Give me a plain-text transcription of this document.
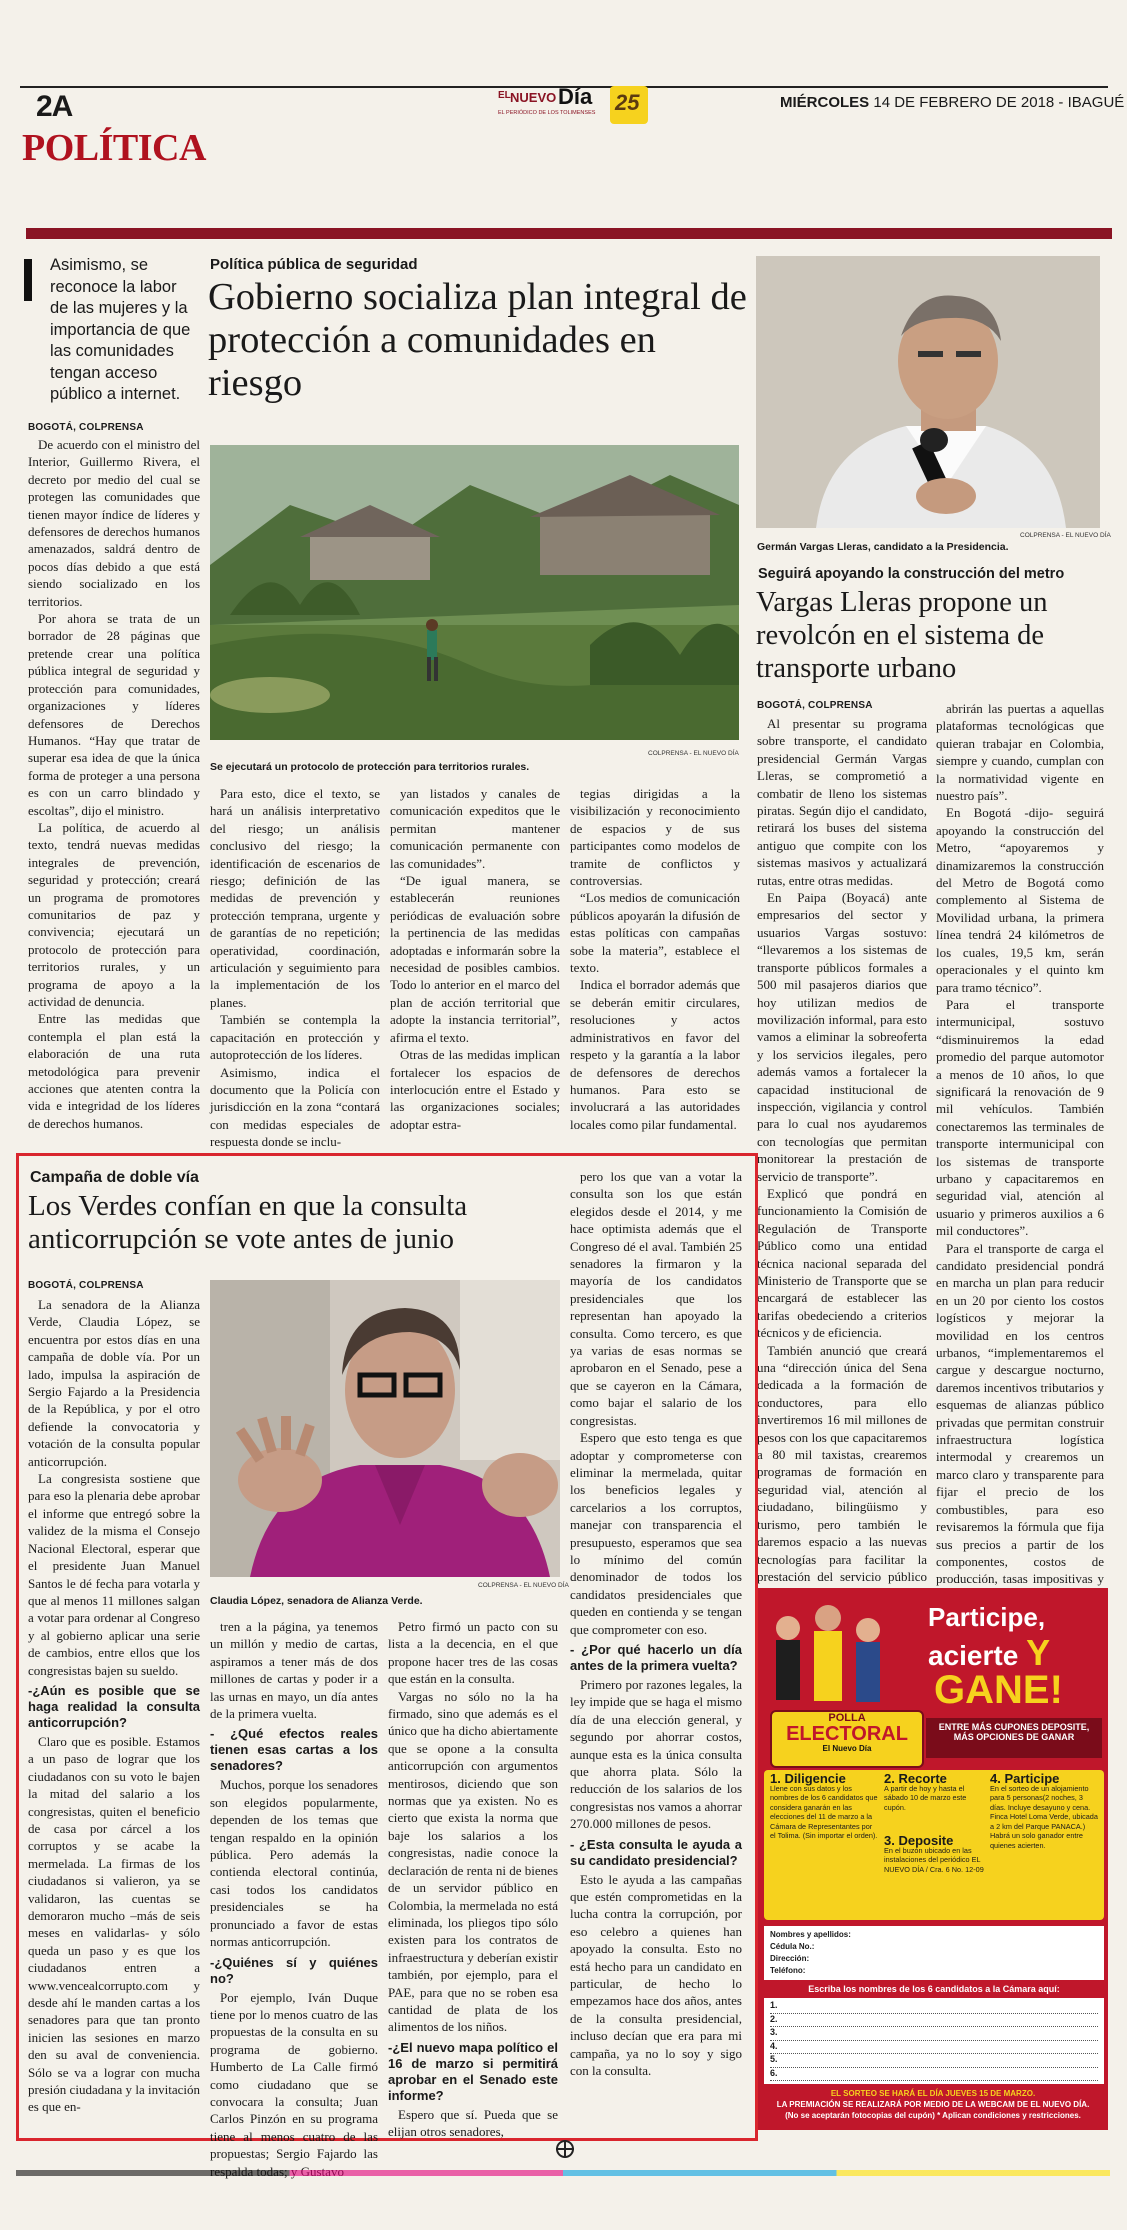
2A	EL NUEVO Día
EL PERIÓDICO DE LOS TOLIMENSES 25	MIÉRCOLES 14 DE FEBRERO DE 2018 - IBAGUÉ
POLÍTICA
Asimismo, se reconoce la labor de las mujeres y la importancia de que las comunidades tengan acceso público a internet.
Política pública de seguridad
Gobierno socializa plan integral de protección a comunidades en riesgo
COLPRENSA - EL NUEVO DÍA
Se ejecutará un protocolo de protección para territorios rurales.
BOGOTÁ, COLPRENSA

De acuerdo con el ministro del Interior, Guillermo Rivera, el decreto por medio del cual se protegen las comunidades que tienen mayor índice de líderes y defensores de derechos humanos amenazados, saldrá dentro de pocos días debido a que está siendo socializado en los territorios.

Por ahora se trata de un borrador de 28 páginas que pretende crear una política pública integral de seguridad y protección para comunidades, organizaciones y líderes defensores de Derechos Humanos. “Hay que tratar de superar esa idea de que la única forma de proteger a una persona es con un carro blindado y escoltas”, dijo el ministro.

La política, de acuerdo al texto, tendrá nuevas medidas integrales de prevención, seguridad y protección; creará un programa de promotores comunitarios de paz y convivencia; ejecutará un protocolo de protección para territorios rurales, y un programa de apoyo a la actividad de denuncia.

Entre las medidas que contempla el plan está la elaboración de una ruta metodológica para prevenir acciones que atenten contra la vida e integridad de los líderes de derechos humanos.

Para esto, dice el texto, se hará un análisis interpretativo del riesgo; un análisis conclusivo del riesgo; la identificación de escenarios de riesgo; definición de las medidas de prevención y protección temprana, urgente y de garantías de no repetición; operatividad, coordinación, articulación y seguimiento para la implementación de los planes.

También se contempla la capacitación en protección y autoprotección de los líderes.

Asimismo, indica el documento que la Policía con jurisdicción en la zona “contará con medidas especiales de respuesta donde se inclu-

yan listados y canales de comunicación expeditos que le permitan mantener comunicación permanente con las comunidades”.

“De igual manera, se establecerán reuniones periódicas de evaluación sobre la pertinencia de las medidas adoptadas e informarán sobre la necesidad de posibles cambios. Todo lo anterior en el marco del plan de acción territorial que adopte la instancia territorial”, afirma el texto.

Otras de las medidas implican fortalecer los espacios de interlocución entre el Estado y las organizaciones sociales; adoptar estra-

tegias dirigidas a la visibilización y reconocimiento de espacios y de sus participantes como modelos de tramite de conflictos y controversias.

“Los medios de comunicación públicos apoyarán la difusión de estas políticas con campañas sobe la materia”, establece el texto.

Indica el borrador además que se deberán emitir circulares, resoluciones y actos administrativos en favor del respeto y la garantía a la labor de defensores de derechos humanos. Para esto se involucrará a las autoridades locales como pilar fundamental.

COLPRENSA - EL NUEVO DÍA
Germán Vargas Lleras, candidato a la Presidencia.
Seguirá apoyando la construcción del metro
Vargas Lleras propone un revolcón en el sistema de transporte urbano
BOGOTÁ, COLPRENSA

Al presentar su programa sobre transporte, el candidato presidencial Germán Vargas Lleras, se comprometió a combatir de lleno los sistemas piratas. Según dijo el candidato, retirará los buses del sistema antiguo que compite con los sistemas masivos y actualizará rutas, entre otras medidas.

En Paipa (Boyacá) ante empresarios del sector y usuarios Vargas sostuvo: “llevaremos a los sistemas de transporte públicos formales a 500 mil pasajeros diarios que hoy utilizan medios de movilización informal, para esto vamos a eliminar la sobreoferta y los servicios ilegales, pero además vamos a fortalecer la capacidad institucional de inspección, vigilancia y control para lo cual nos ayudaremos con tecnologías que permitan monitorear la prestación de servicio de transporte”.

Explicó que pondrá en funcionamiento la Comisión de Regulación de Transporte Público como una entidad técnica nacional separada del Ministerio de Transporte que se encargará de establecer las tarifas obedeciendo a criterios técnicos y de eficiencia.

También anunció que creará una “dirección única del Sena dedicada a la formación de conductores, para ello invertiremos 16 mil millones de pesos con los que capacitaremos a 80 mil taxistas, crearemos programas de formación en seguridad vial, atención al ciudadano, bilingüismo y turismo, pero también le daremos espacio a las nuevas tecnologías para facilitar la prestación del servicio público

abrirán las puertas a aquellas plataformas tecnológicas que quieran trabajar en Colombia, siempre y cuando, cumplan con la normatividad vigente en nuestro país”.

En Bogotá -dijo- seguirá apoyando la construcción del Metro, “apoyaremos y dinamizaremos la construcción del Metro de Bogotá como complemento al Sistema de Movilidad urbana, la primera línea tendrá 24 kilómetros de los cuales, 19,5 km, serán operacionales y el quinto km para tramo técnico”.

Para el transporte intermunicipal, sostuvo “disminuiremos la edad promedio del parque automotor a menos de 10 años, lo que significará la renovación de 9 mil vehículos. También conectaremos las terminales de transporte intermunicipal con los sistemas de transporte urbano y capacitaremos en seguridad vial, atención al usuario y primeros auxilios a 6 mil conductores”.

Para el transporte de carga el candidato presidencial pondrá en marcha un plan para reducir en un 20 por ciento los costos logísticos y mejorar la movilidad en los centros urbanos, “implementaremos el cargue y descargue nocturno, daremos incentivos tributarios y esquemas de alianzas público privadas que permitan construir infraestructura logística intermodal y crearemos un marco claro y transparente para fijar el precio de los combustibles, para eso revisaremos la fórmula que fija sus precios a partir de los componentes, costos de producción, tasas impositivas y

Campaña de doble vía
Los Verdes confían en que la consulta anticorrupción se vote antes de junio
BOGOTÁ, COLPRENSA
COLPRENSA - EL NUEVO DÍA
Claudia López, senadora de Alianza Verde.

La senadora de la Alianza Verde, Claudia López, se encuentra por estos días en una campaña de doble vía. Por un lado, impulsa la aspiración de Sergio Fajardo a la Presidencia de la República, y por el otro defiende la convocatoria y votación de la consulta popular anticorrupción.

La congresista sostiene que para eso la plenaria debe aprobar el informe que entregó sobre la validez de la misma el Consejo Nacional Electoral, esperar que el presidente Juan Manuel Santos le dé fecha para votarla y que al menos 11 millones salgan a votar para ordenar al Congreso y al gobierno aplicar una serie de cambios, entre ellos que los congresistas bajen su sueldo.

-¿Aún es posible que se haga realidad la consulta anticorrupción?

Claro que es posible. Estamos a un paso de lograr que los ciudadanos con su voto le bajen la mitad del salario a los congresistas, quiten el beneficio de casa por cárcel a los corruptos y se acabe la mermelada. La firmas de los ciudadanos si valieron, ya se validaron, las cuentas se demoraron mucho –más de seis meses en validarlas- y sólo queda un paso y es que los ciudadanos entren a www.vencealcorrupto.com y desde ahí le manden cartas a los senadores para que tan pronto inicien las sesiones en marzo den su aval de conveniencia. Sólo se va a lograr con mucha presión ciudadana y la invitación es que en-

tren a la página, ya tenemos un millón y medio de cartas, aspiramos a tener más de dos millones de cartas y poder ir a las urnas en mayo, un día antes de la primera vuelta.

- ¿Qué efectos reales tienen esas cartas a los senadores?

Muchos, porque los senadores son elegidos popularmente, dependen de los temas que tengan respaldo en la opinión pública. Pero además la contienda electoral continúa, casi todos los candidatos presidenciales se ha pronunciado a favor de estas normas anticorrupción.

-¿Quiénes sí y quiénes no?

Por ejemplo, Iván Duque tiene por lo menos cuatro de las propuestas de la consulta en su programa de gobierno. Humberto de La Calle firmó como ciudadano que se convocara la consulta; Juan Carlos Pinzón en su programa tiene al menos cuatro de las propuestas; Sergio Fajardo las

Petro firmó un pacto con su lista a la decencia, en el que propone hacer tres de las cosas que están en la consulta.

Vargas no sólo no la ha firmado, sino que además es el único que ha dicho abiertamente que se opone a la consulta anticorrupción con argumentos mentirosos, diciendo que son normas que ya existen. No es cierto que exista la norma que baje los salarios a los congresistas, nadie conoce la declaración de renta ni de bienes de un servidor público en Colombia, la mermelada no está eliminada, los pliegos tipo sólo existen para los contratos de infraestructura y deberían existir también, por ejemplo, para el PAE, para que no se roben esa cantidad de plata de los alimentos de los niños.

-¿El nuevo mapa político el 16 de marzo si permitirá aprobar en el Senado este informe?

Espero que sí. Pueda que se elijan otros senadores,

pero los que van a votar la consulta son los que están elegidos desde el 2014, y me hace optimista además que el Congreso dé el aval. También 25 senadores la firmaron y la mayoría de los candidatos presidenciales que los representan han apoyado la consulta. Como tercero, es que ya varias de esas normas se aprobaron en el Senado, pese a que se cayeron en la Cámara, como bajar el salario de los congresistas.

Espero que esto tenga es que adoptar y comprometerse con eliminar la mermelada, quitar los beneficios legales y carcelarios a los corruptos, manejar con transparencia el presupuesto, esperamos que sea lo mínimo del común denominador de todos los candidatos presidenciales que queden en contienda y se tengan que comprometer con eso.

- ¿Por qué hacerlo un día antes de la primera vuelta?

Primero por razones legales, la ley impide que se haga el mismo día de una elección general, y segundo por ahorrar costos, aunque esta es la única consulta que ahorra plata. Sólo la reducción de los salarios de los congresistas nos vamos a ahorrar 270.000 millones de pesos.

- ¿Esta consulta le ayuda a su candidato presidencial?

Esto le ayuda a las campañas que estén comprometidas en la lucha contra la corrupción, por eso celebro a quienes han apoyado la consulta. Esto no está hecho para un candidato en particular, de hecho lo empezamos hace dos años, antes de la consulta presidencial, incluso decían que era para mi campaña, ya no lo soy y sigo con la consulta.

Participe,
acierte Y
GANE!
POLLA
ELECTORAL
El Nuevo Día
ENTRE MÁS CUPONES DEPOSITE,
MÁS OPCIONES DE GANAR
1. Diligencie
Llene con sus datos y los nombres de los 6 candidatos que considera ganarán en las elecciones del 11 de marzo a la Cámara de Representantes por el Tolima. (Sin importar el orden).
2. Recorte
A partir de hoy y hasta el sábado 10 de marzo este cupón.
3. Deposite
En el buzón ubicado en las instalaciones del periódico EL NUEVO DÍA / Cra. 6 No. 12-09
4. Participe
En el sorteo de un alojamiento para 5 personas(2 noches, 3 días. Incluye desayuno y cena. Finca Hotel Loma Verde, ubicada a 2 km del Parque PANACA.) Habrá un solo ganador entre quienes acierten.
Nombres y apellidos:
Cédula No.:
Dirección:
Teléfono:
Escriba los nombres de los 6 candidatos a la Cámara aquí:
1.
2.
3.
4.
5.
6.
EL SORTEO SE HARÁ EL DÍA JUEVES 15 DE MARZO.
LA PREMIACIÓN SE REALIZARÁ POR MEDIO DE LA WEBCAM DE EL NUEVO DÍA.
(No se aceptarán fotocopias del cupón) * Aplican condiciones y restricciones.
